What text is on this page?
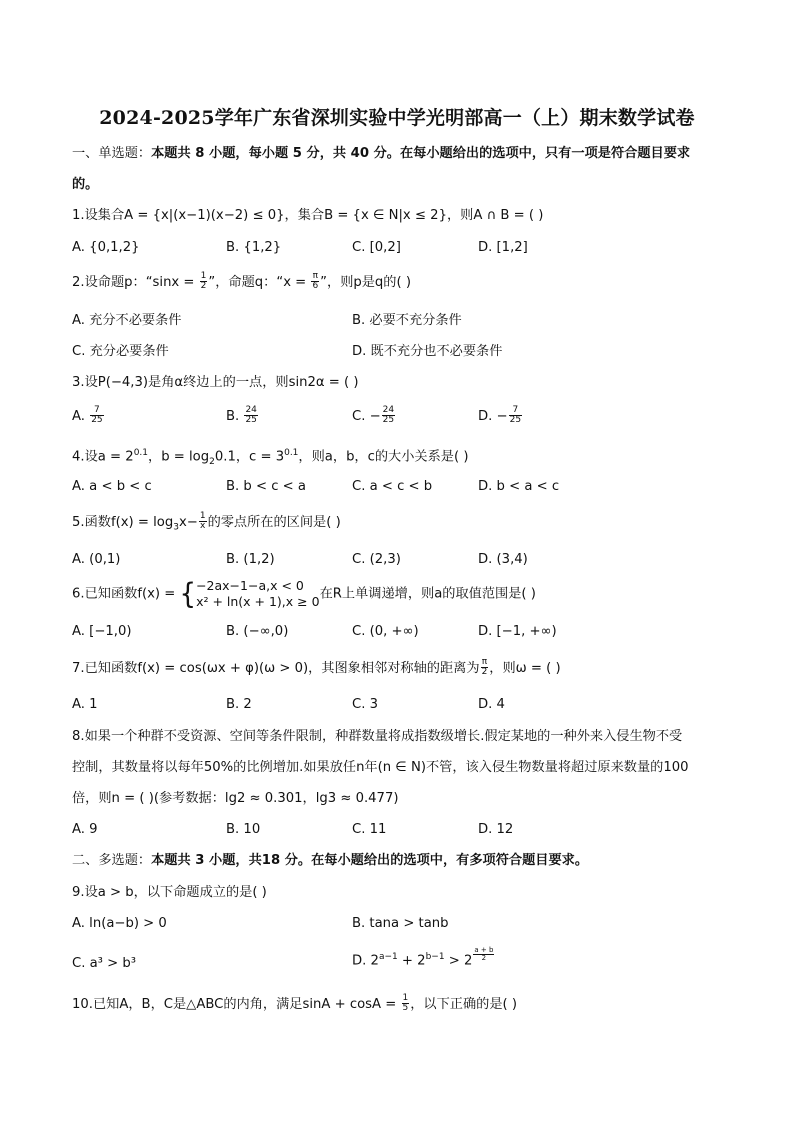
2024-2025学年广东省深圳实验中学光明部高一（上）期末数学试卷
一、单选题：本题共 8 小题，每小题 5 分，共 40 分。在每小题给出的选项中，只有一项是符合题目要求
的。
1.设集合A = {x|(x−1)(x−2) ≤ 0}，集合B = {x ∈ N|x ≤ 2}，则A ∩ B = ( )
A. {0,1,2}	B. {1,2}	C. [0,2]	D. [1,2]
2.设命题p：“$\sin x = \frac{1}{2}$ ”，命题q：“$x = \frac{\pi}{6}$ ”，则p是q的( )
A. 充分不必要条件	B. 必要不充分条件
C. 充分必要条件	D. 既不充分也不必要条件
3.设P(−4,3)是角α终边上的一点，则sin2α = ( )
A. $\frac{7}{25}$	B. $\frac{24}{25}$	C. − $\frac{24}{25}$	D. − $\frac{7}{25}$
4.设$a = 2^{0.1}$，$b = \log_20.1$，$c = 3^{0.1}$，则a，b，c的大小关系是( )
A. a < b < c	B. b < c < a	C. a < c < b	D. b < a < c
5.函数$f(x) = \log_3x- \frac{1}{x}$ 的零点所在的区间是( )
A. (0,1)	B. (1,2)	C. (2,3)	D. (3,4)
6.已知函数f(x) = { −2ax−1−a,x < 0
x² + ln(x + 1),x ≥ 0 在R上单调递增，则a的取值范围是( )
A. [−1,0)	B. (−∞,0)	C. (0, +∞)	D. [−1, +∞)
7.已知函数f(x) = cos(ωx + φ)(ω > 0)，其图象相邻对称轴的距离为 $\frac{\pi}{2}$ ，则ω = ( )
A. 1	B. 2	C. 3	D. 4
8.如果一个种群不受资源、空间等条件限制，种群数量将成指数级增长.假定某地的一种外来入侵生物不受
控制，其数量将以每年50%的比例增加.如果放任n年(n ∈ N)不管，该入侵生物数量将超过原来数量的100
倍，则n = ( )(参考数据：lg2 ≈ 0.301，lg3 ≈ 0.477)
A. 9	B. 10	C. 11	D. 12
二、多选题：本题共 3 小题，共18 分。在每小题给出的选项中，有多项符合题目要求。
9.设a > b，以下命题成立的是( )
A. ln(a−b) > 0	B. tana > tanb
C. a³ > b³	D. $2^{a-1} + 2^{b-1} > 2$ $^{\frac{a + b}{2}}$
10.已知A，B，C是△ABC的内角，满足$\sin A + \cos A = \frac{1}{5}$ ，以下正确的是( )
